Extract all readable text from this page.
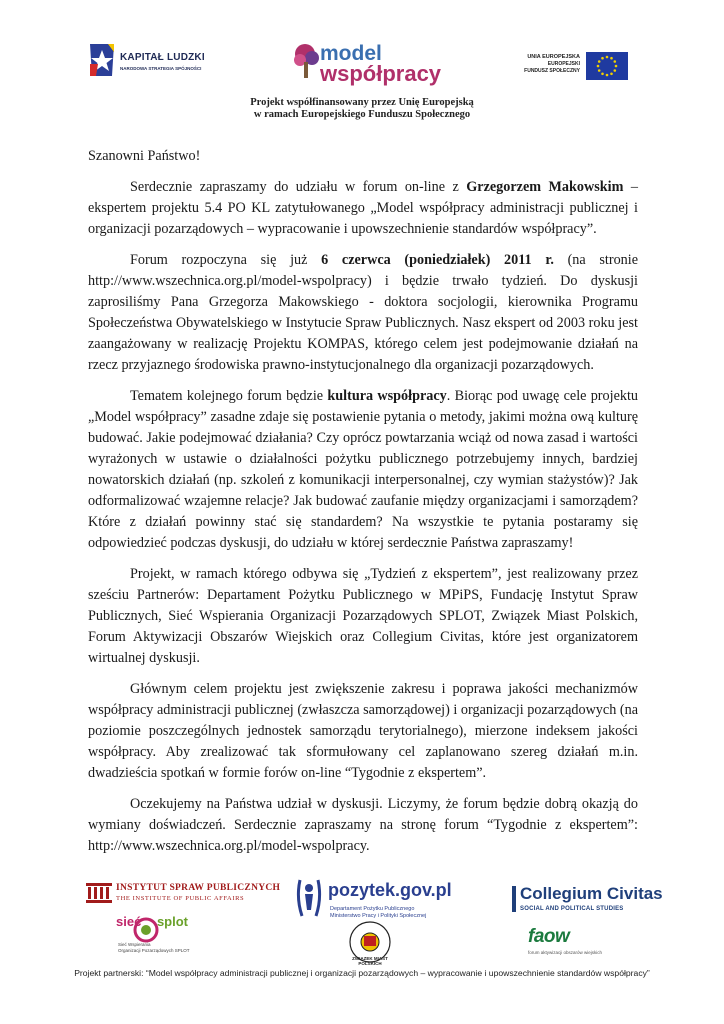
KAPITAŁ LUDZKI
NARODOWA STRATEGIA SPÓJNOŚCI
model
współpracy
UNIA EUROPEJSKA
EUROPEJSKI
FUNDUSZ SPOŁECZNY
Projekt współfinansowany przez Unię Europejską
w ramach Europejskiego Funduszu Społecznego

Szanowni Państwo!

Serdecznie zapraszamy do udziału w forum on-line z Grzegorzem Makowskim – ekspertem projektu 5.4 PO KL zatytułowanego „Model współpracy administracji publicznej i organizacji pozarządowych – wypracowanie i upowszechnienie standardów współpracy”.

Forum rozpoczyna się już 6 czerwca (poniedziałek) 2011 r. (na stronie http://www.wszechnica.org.pl/model-wspolpracy) i będzie trwało tydzień. Do dyskusji zaprosiliśmy Pana Grzegorza Makowskiego - doktora socjologii, kierownika Programu Społeczeństwa Obywatelskiego w Instytucie Spraw Publicznych. Nasz ekspert od 2003 roku jest zaangażowany w realizację Projektu KOMPAS, którego celem jest podejmowanie działań na rzecz przyjaznego środowiska prawno-instytucjonalnego dla organizacji pozarządowych.

Tematem kolejnego forum będzie kultura współpracy. Biorąc pod uwagę cele projektu „Model współpracy” zasadne zdaje się postawienie pytania o metody, jakimi można ową kulturę budować. Jakie podejmować działania? Czy oprócz powtarzania wciąż od nowa zasad i wartości wyrażonych w ustawie o działalności pożytku publicznego potrzebujemy innych, bardziej nowatorskich działań (np. szkoleń z komunikacji interpersonalnej, czy wymian stażystów)? Jak odformalizować wzajemne relacje? Jak budować zaufanie między organizacjami i samorządem? Które z działań powinny stać się standardem? Na wszystkie te pytania postaramy się odpowiedzieć podczas dyskusji, do udziału w której serdecznie Państwa zapraszamy!

Projekt, w ramach którego odbywa się „Tydzień z ekspertem”, jest realizowany przez sześciu Partnerów: Departament Pożytku Publicznego w MPiPS, Fundację Instytut Spraw Publicznych, Sieć Wspierania Organizacji Pozarządowych SPLOT, Związek Miast Polskich, Forum Aktywizacji Obszarów Wiejskich oraz Collegium Civitas, które jest organizatorem wirtualnej dyskusji.

Głównym celem projektu jest zwiększenie zakresu i poprawa jakości mechanizmów współpracy administracji publicznej (zwłaszcza samorządowej) i organizacji pozarządowych (na poziomie poszczególnych jednostek samorządu terytorialnego), mierzone indeksem jakości współpracy. Aby zrealizować tak sformułowany cel zaplanowano szereg działań m.in. dwadzieścia spotkań w formie forów on-line “Tygodnie z ekspertem”.

Oczekujemy na Państwa udział w dyskusji. Liczymy, że forum będzie dobrą okazją do wymiany doświadczeń. Serdecznie zapraszamy na stronę forum “Tygodnie z ekspertem”: http://www.wszechnica.org.pl/model-wspolpracy.

INSTYTUT SPRAW PUBLICZNYCH
THE INSTITUTE OF PUBLIC AFFAIRS
sieć splot
Sieć Wspierania
Organizacji Pozarządowych SPLOT
pozytek.gov.pl
Departament Pożytku Publicznego
Ministerstwo Pracy i Polityki Społecznej
ZWIĄZEK MIAST POLSKICH
Collegium Civitas
SOCIAL AND POLITICAL STUDIES
faow
forum aktywizacji obszarów wiejskich
Projekt partnerski: “Model współpracy administracji publicznej i organizacji pozarządowych – wypracowanie i upowszechnienie standardów współpracy”
